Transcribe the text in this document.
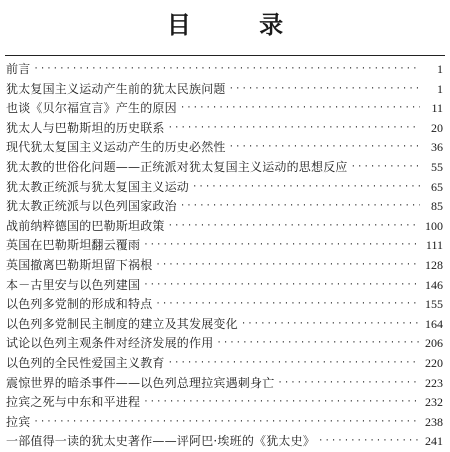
目 录
前言 ·····	1
犹太复国主义运动产生前的犹太民族问题 ·····	1
也谈《贝尔福宣言》产生的原因 ·····	11
犹太人与巴勒斯坦的历史联系 ·····	20
现代犹太复国主义运动产生的历史必然性 ·····	36
犹太教的世俗化问题——正统派对犹太复国主义运动的思想反应 ·····	55
犹太教正统派与犹太复国主义运动 ·····	65
犹太教正统派与以色列国家政治 ·····	85
战前纳粹德国的巴勒斯坦政策 ·····	100
英国在巴勒斯坦翻云覆雨 ·····	111
英国撤离巴勒斯坦留下祸根 ·····	128
本－古里安与以色列建国 ·····	146
以色列多党制的形成和特点 ·····	155
以色列多党制民主制度的建立及其发展变化 ·····	164
试论以色列主观条件对经济发展的作用 ·····	206
以色列的全民性爱国主义教育 ·····	220
震惊世界的暗杀事件——以色列总理拉宾遇刺身亡 ·····	223
拉宾之死与中东和平进程 ·····	232
拉宾 ·····	238
一部值得一读的犹太史著作——评阿巴·埃班的《犹太史》 ·····	241
